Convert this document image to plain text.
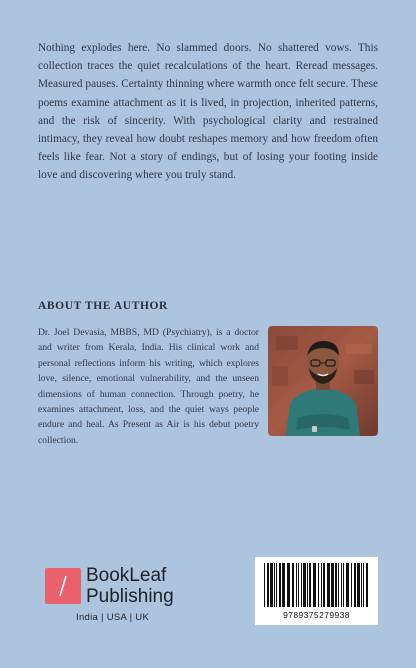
Nothing explodes here. No slammed doors. No shattered vows. This collection traces the quiet recalculations of the heart. Reread messages. Measured pauses. Certainty thinning where warmth once felt secure. These poems examine attachment as it is lived, in projection, inherited patterns, and the risk of sincerity. With psychological clarity and restrained intimacy, they reveal how doubt reshapes memory and how freedom often feels like fear. Not a story of endings, but of losing your footing inside love and discovering where you truly stand.

ABOUT THE AUTHOR

Dr. Joel Devasia, MBBS, MD (Psychiatry), is a doctor and writer from Kerala, India. His clinical work and personal reflections inform his writing, which explores love, silence, emotional vulnerability, and the unseen dimensions of human connection. Through poetry, he examines attachment, loss, and the quiet ways people endure and heal. As Present as Air is his debut poetry collection.

BookLeaf
Publishing
India | USA | UK	9789375279938
